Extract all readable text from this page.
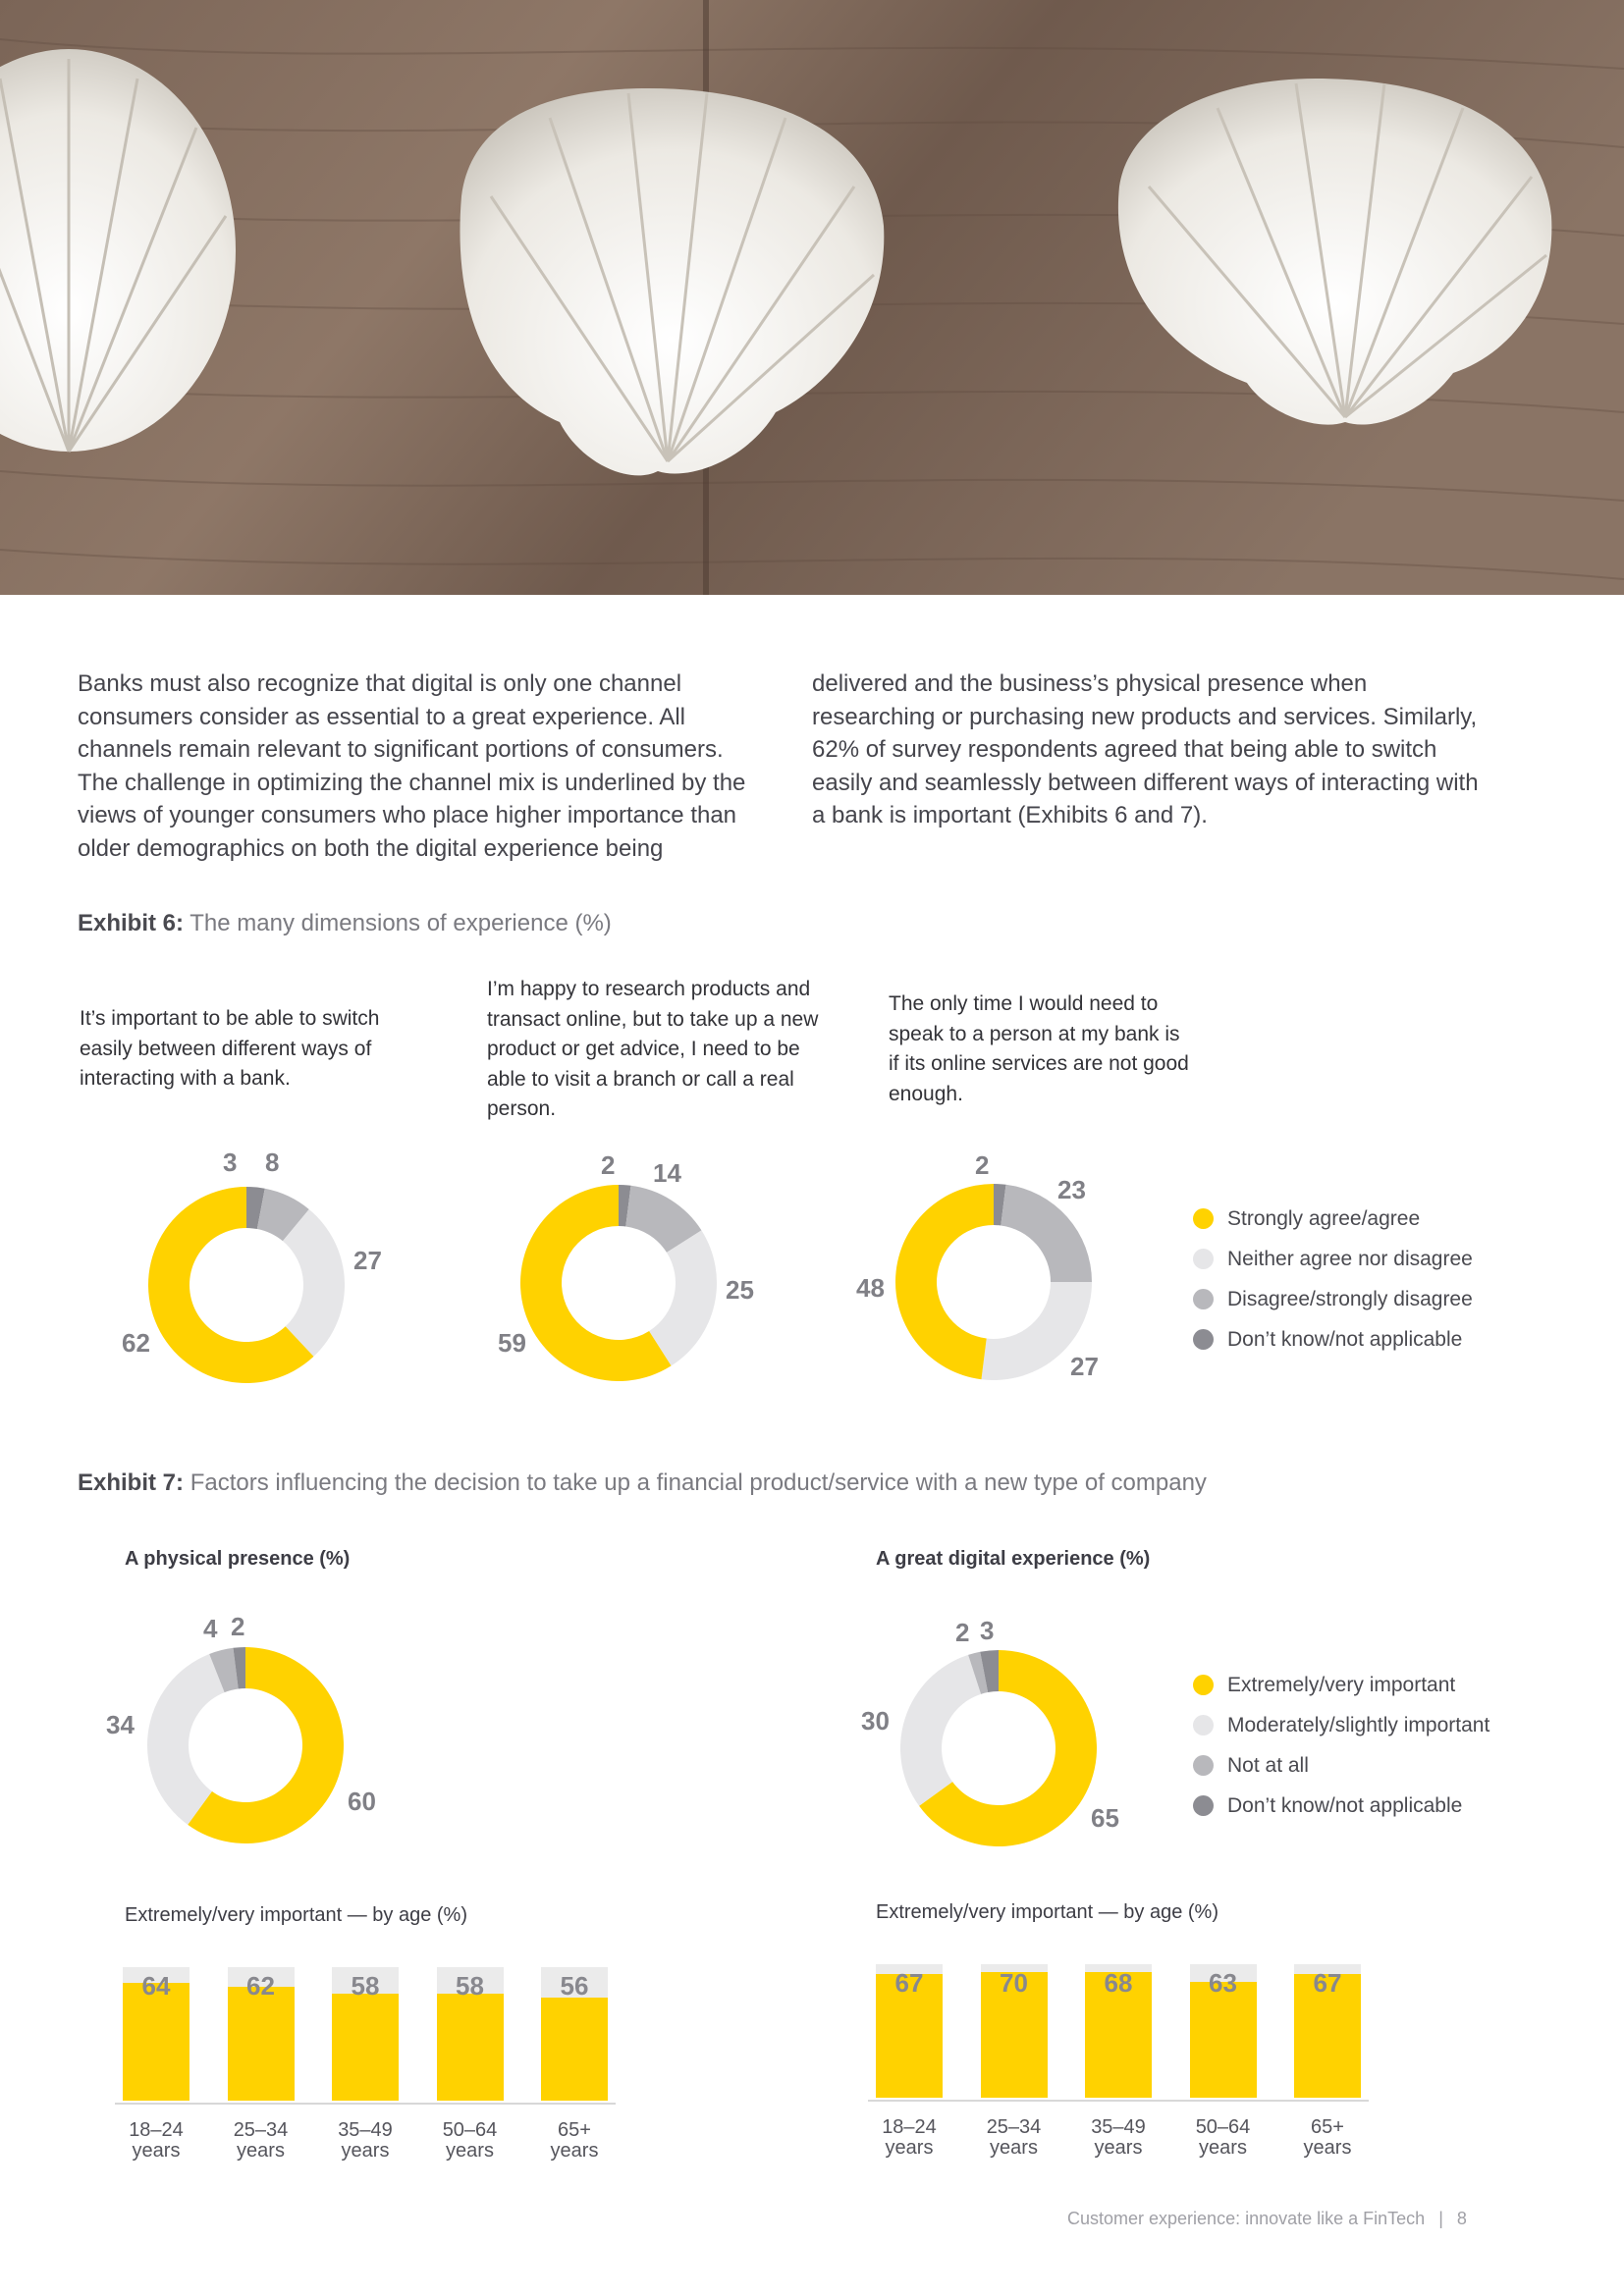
Banks must also recognize that digital is only one channel consumers consider as essential to a great experience. All channels remain relevant to significant portions of consumers. The challenge in optimizing the channel mix is underlined by the views of younger consumers who place higher importance than older demographics on both the digital experience being
delivered and the business’s physical presence when researching or purchasing new products and services. Similarly, 62% of survey respondents agreed that being able to switch easily and seamlessly between different ways of interacting with a bank is important (Exhibits 6 and 7).
Exhibit 6: The many dimensions of experience (%)
It’s important to be able to switch easily between different ways of interacting with a bank.
I’m happy to research products and transact online, but to take up a new product or get advice, I need to be able to visit a branch or call a real person.
The only time I would need to speak to a person at my bank is if its online services are not good enough.
3 8
27
62
2 14
25
59
2
23
27
48
Strongly agree/agree
Neither agree nor disagree
Disagree/strongly disagree
Don’t know/not applicable
Exhibit 7: Factors influencing the decision to take up a financial product/service with a new type of company
A physical presence (%)	A great digital experience (%)
4 2
34
60
2 3
30
65
Extremely/very important
Moderately/slightly important
Not at all
Don’t know/not applicable
Extremely/very important — by age (%)	Extremely/very important — by age (%)
64
18–24
years
62
25–34
years
58
35–49
years
58
50–64
years
56
65+
years
67
18–24
years
70
25–34
years
68
35–49
years
63
50–64
years
67
65+
years
Customer experience: innovate like a FinTech | 8
